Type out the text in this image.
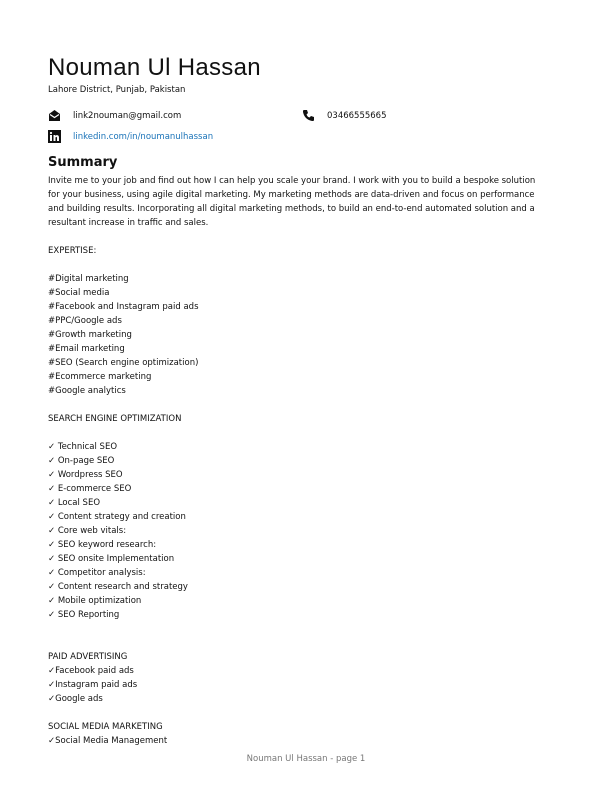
Nouman Ul Hassan
Lahore District, Punjab, Pakistan
link2nouman@gmail.com	03466555665
linkedin.com/in/noumanulhassan
Summary
Invite me to your job and find out how I can help you scale your brand. I work with you to build a bespoke solution
for your business, using agile digital marketing. My marketing methods are data-driven and focus on performance
and building results. Incorporating all digital marketing methods, to build an end-to-end automated solution and a
resultant increase in traffic and sales.
EXPERTISE:
#Digital marketing
#Social media
#Facebook and Instagram paid ads
#PPC/Google ads
#Growth marketing
#Email marketing
#SEO (Search engine optimization)
#Ecommerce marketing
#Google analytics
SEARCH ENGINE OPTIMIZATION
✓ Technical SEO
✓ On-page SEO
✓ Wordpress SEO
✓ E-commerce SEO
✓ Local SEO
✓ Content strategy and creation
✓ Core web vitals:
✓ SEO keyword research:
✓ SEO onsite Implementation
✓ Competitor analysis:
✓ Content research and strategy
✓ Mobile optimization
✓ SEO Reporting
PAID ADVERTISING
✓Facebook paid ads
✓Instagram paid ads
✓Google ads
SOCIAL MEDIA MARKETING
✓Social Media Management
Nouman Ul Hassan - page 1
